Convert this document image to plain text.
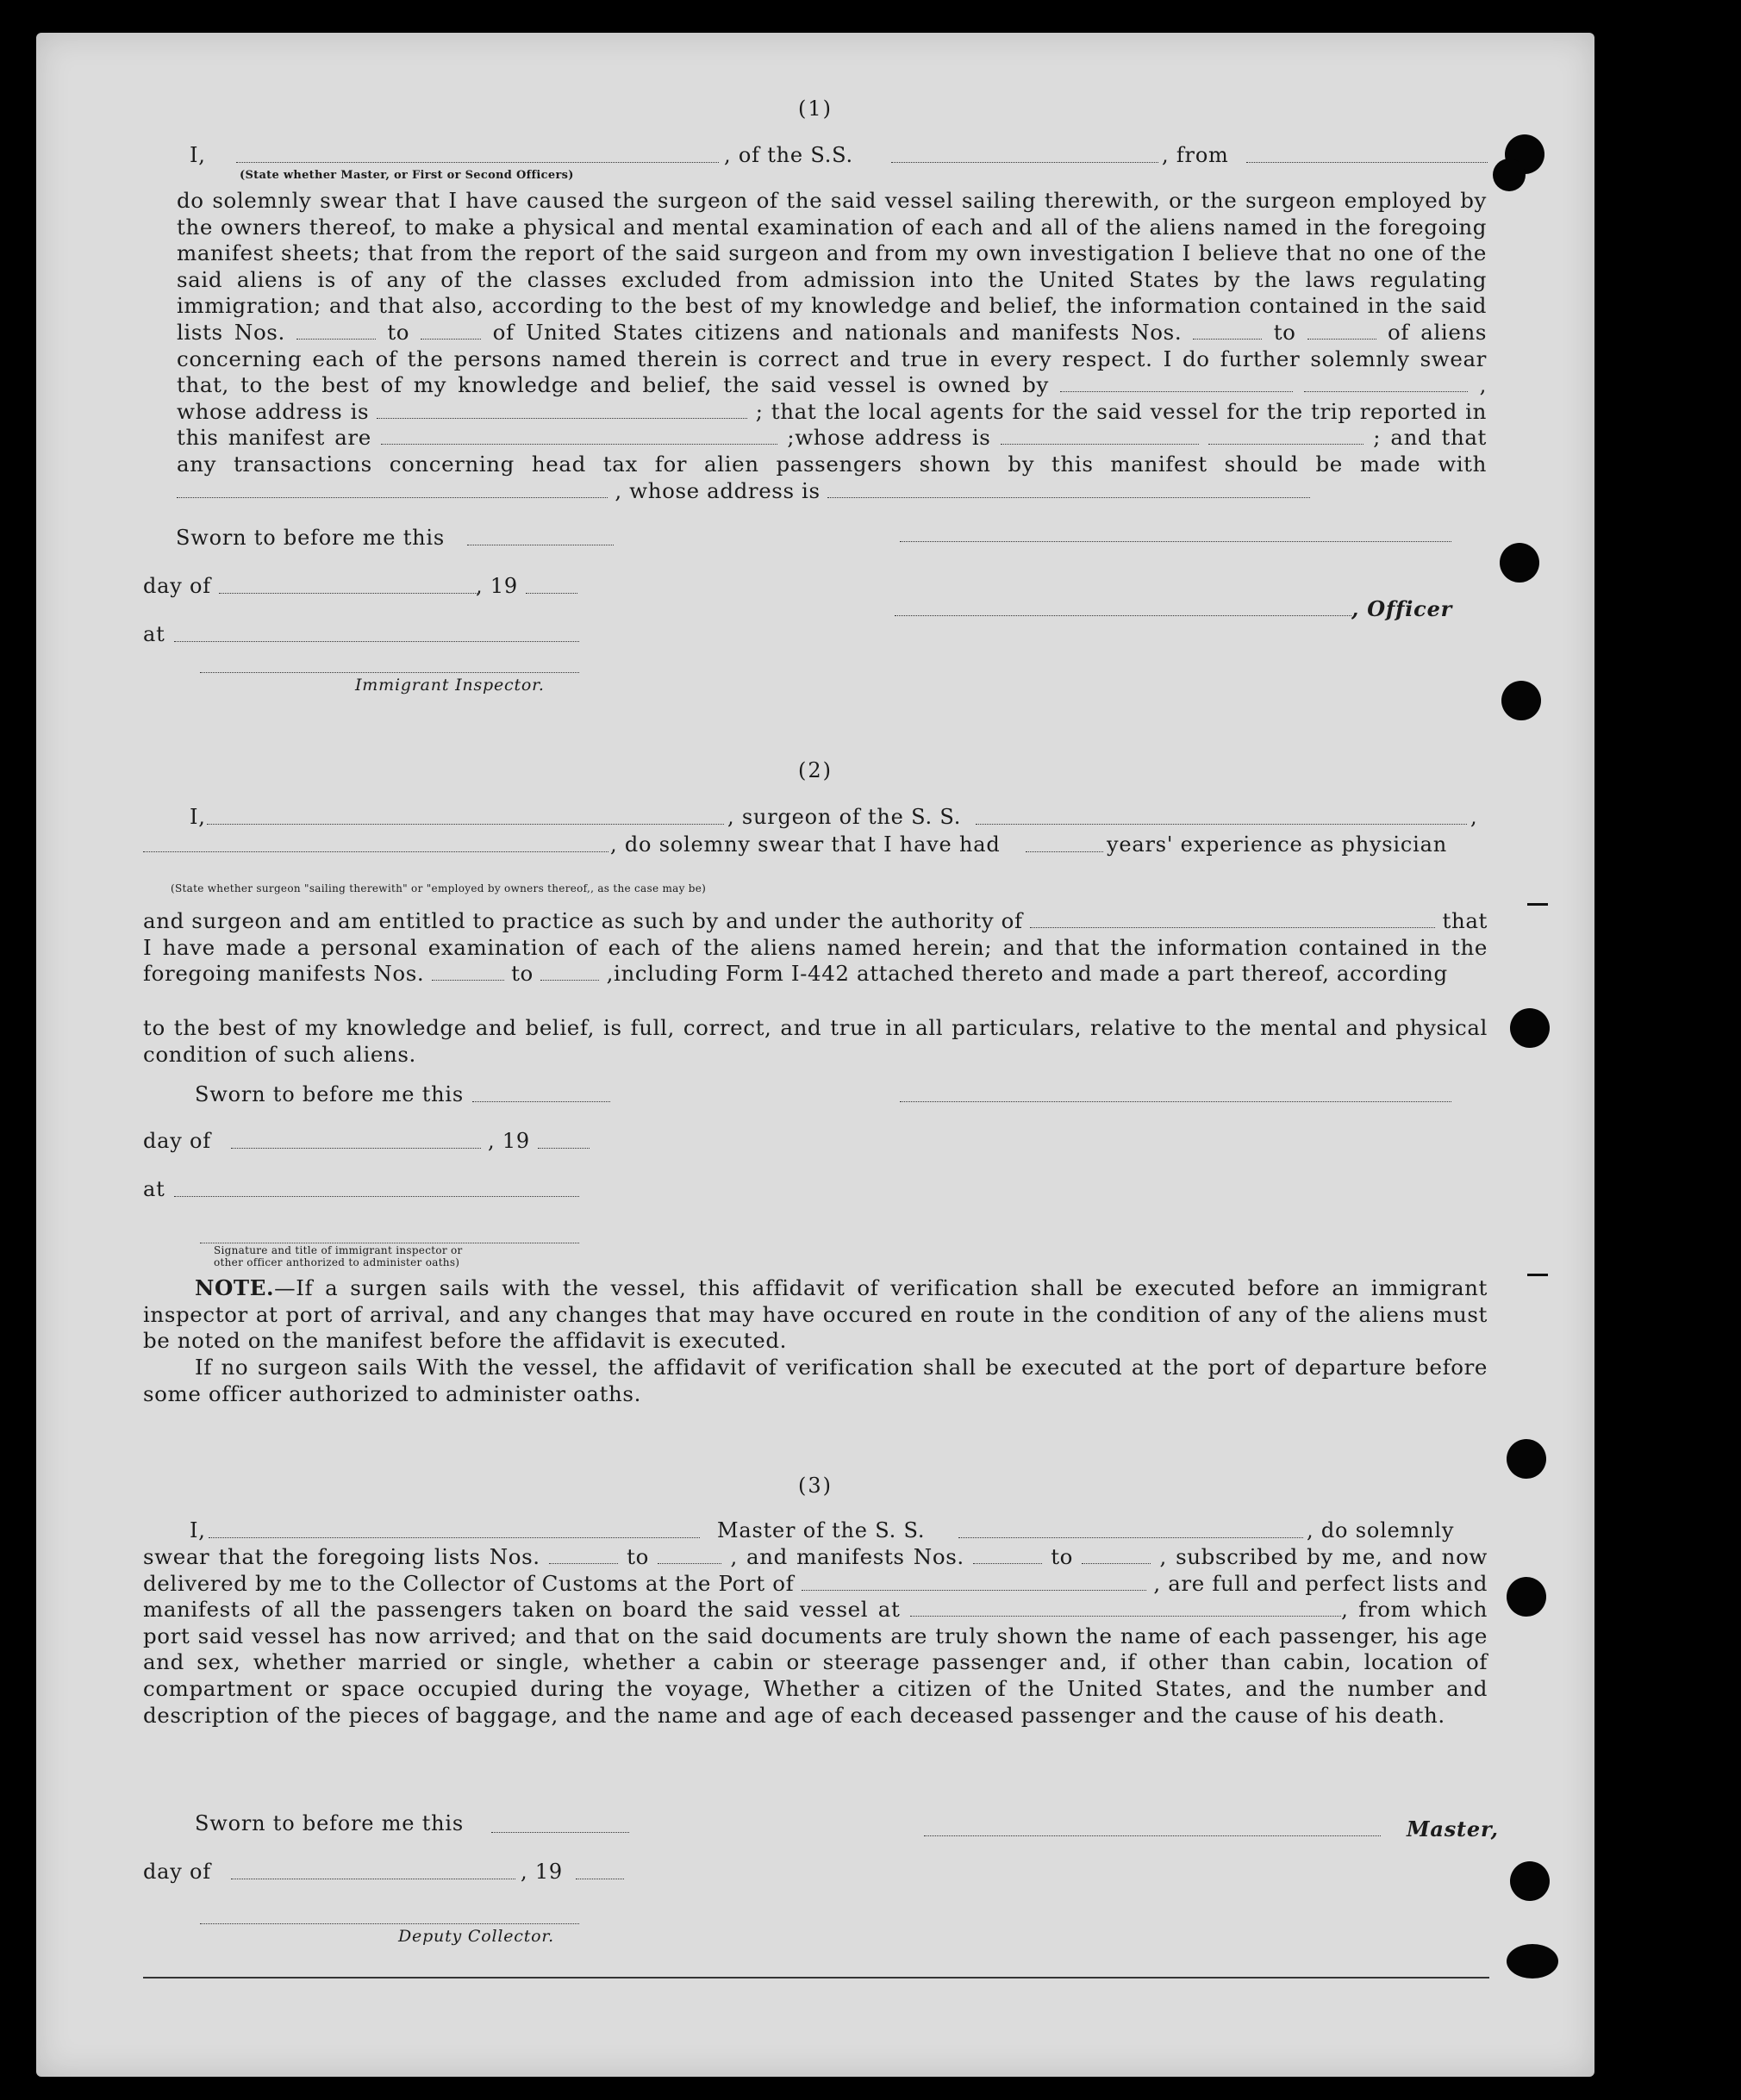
(1)
I,	, of the S.S.	, from
(State whether Master, or First or Second Officers)
do solemnly swear that I have caused the surgeon of the said vessel sailing therewith, or the surgeon employed by the owners thereof, to make a physical and mental examination of each and all of the aliens named in the foregoing manifest sheets; that from the report of the said surgeon and from my own investigation I believe that no one of the said aliens is of any of the classes excluded from admission into the United States by the laws regulating immigration; and that also, according to the best of my knowledge and belief, the information contained in the said lists Nos.	to	of United States citizens and nationals and manifests Nos.	to	of aliens concerning each of the persons named therein is correct and true in every respect. I do further solemnly swear that, to the best of my knowledge and belief, the said vessel is owned by	, whose address is	; that the local agents for the said vessel for the trip reported in this manifest are	;whose address is	; and that any transactions concerning head tax for alien passengers shown by this manifest should be made with  , whose address is
Sworn to before me this
day of	, 19
, Officer
at
Immigrant Inspector.
(2)
I,	, surgeon of the S. S.	,
, do solemny swear that I have had	years' experience as physician
(State whether surgeon "sailing therewith" or "employed by owners thereof,, as the case may be)
and surgeon and am entitled to practice as such by and under the authority of	that I have made a personal examination of each of the aliens named herein; and that the information contained in the foregoing manifests Nos.	to	,including Form I-442 attached thereto and made a part thereof, according
to the best of my knowledge and belief, is full, correct, and true in all particulars, relative to the mental and physical condition of such aliens.
Sworn to before me this
day of	, 19
at
Signature and title of immigrant inspector or
other officer anthorized to administer oaths)
NOTE.—If a surgen sails with the vessel, this affidavit of verification shall be executed before an immigrant inspector at port of arrival, and any changes that may have occured en route in the condition of any of the aliens must be noted on the manifest before the affidavit is executed.
If no surgeon sails With the vessel, the affidavit of verification shall be executed at the port of departure before some officer authorized to administer oaths.
(3)
I,	Master of the S. S.	, do solemnly
swear that the foregoing lists Nos.	to	, and manifests Nos.	to	, subscribed by me, and now delivered by me to the Collector of Customs at the Port of	, are full and perfect lists and manifests of all the passengers taken on board the said vessel at	, from which port said vessel has now arrived; and that on the said documents are truly shown the name of each passenger, his age and sex, whether married or single, whether a cabin or steerage passenger and, if other than cabin, location of compartment or space occupied during the voyage, Whether a citizen of the United States, and the number and description of the pieces of baggage, and the name and age of each deceased passenger and the cause of his death.
Sworn to before me this	Master,
day of	, 19
Deputy Collector.
